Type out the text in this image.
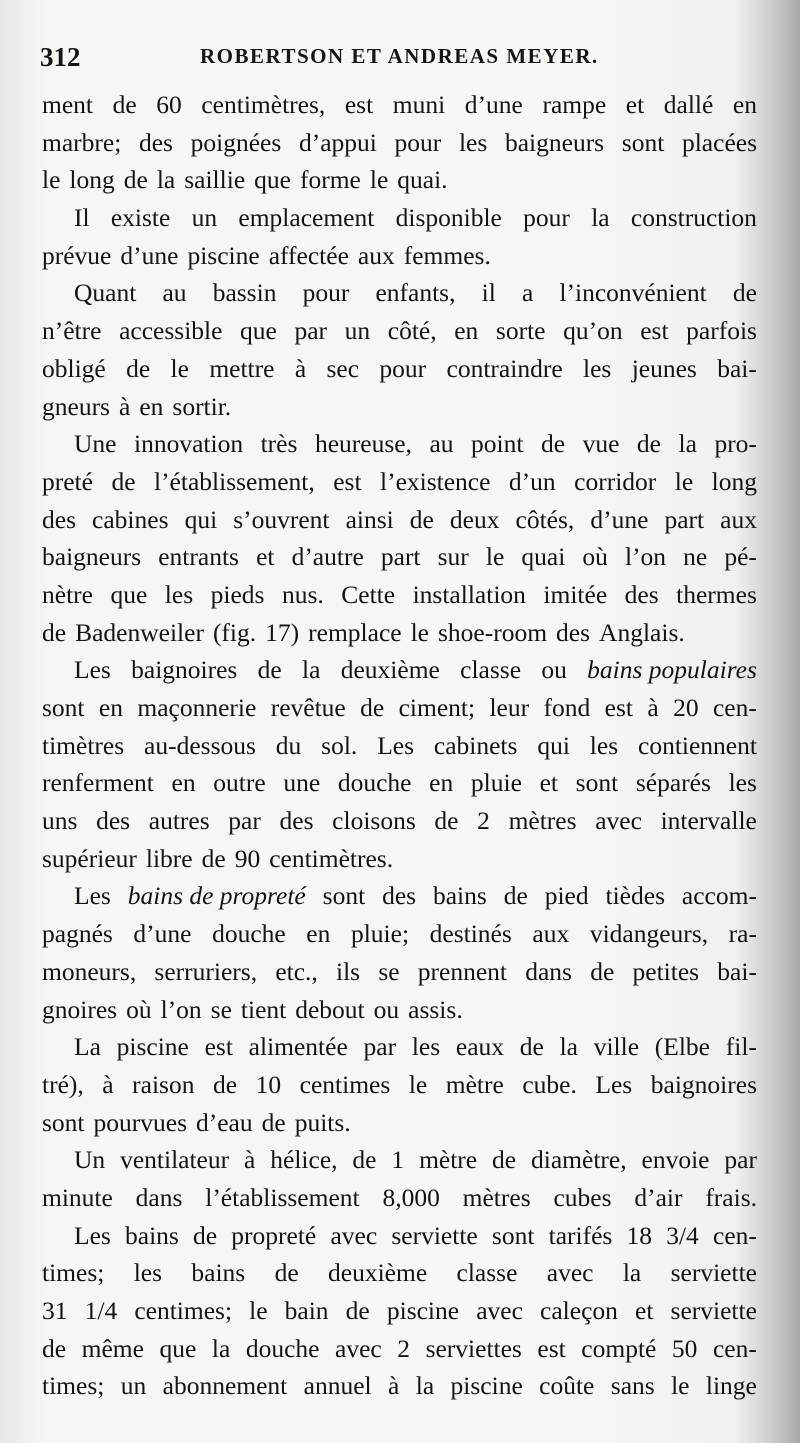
312	ROBERTSON ET ANDREAS MEYER.
ment de 60 centimètres, est muni d’une rampe et dallé en
marbre; des poignées d’appui pour les baigneurs sont placées
le long de la saillie que forme le quai.
Il existe un emplacement disponible pour la construction
prévue d’une piscine affectée aux femmes.
Quant au bassin pour enfants, il a l’inconvénient de
n’être accessible que par un côté, en sorte qu’on est parfois
obligé de le mettre à sec pour contraindre les jeunes bai-
gneurs à en sortir.
Une innovation très heureuse, au point de vue de la pro-
preté de l’établissement, est l’existence d’un corridor le long
des cabines qui s’ouvrent ainsi de deux côtés, d’une part aux
baigneurs entrants et d’autre part sur le quai où l’on ne pé-
nètre que les pieds nus. Cette installation imitée des thermes
de Badenweiler (fig. 17) remplace le shoe-room des Anglais.
Les baignoires de la deuxième classe ou bains populaires
sont en maçonnerie revêtue de ciment; leur fond est à 20 cen-
timètres au-dessous du sol. Les cabinets qui les contiennent
renferment en outre une douche en pluie et sont séparés les
uns des autres par des cloisons de 2 mètres avec intervalle
supérieur libre de 90 centimètres.
Les bains de propreté sont des bains de pied tièdes accom-
pagnés d’une douche en pluie; destinés aux vidangeurs, ra-
moneurs, serruriers, etc., ils se prennent dans de petites bai-
gnoires où l’on se tient debout ou assis.
La piscine est alimentée par les eaux de la ville (Elbe fil-
tré), à raison de 10 centimes le mètre cube. Les baignoires
sont pourvues d’eau de puits.
Un ventilateur à hélice, de 1 mètre de diamètre, envoie par
minute dans l’établissement 8,000 mètres cubes d’air frais.
Les bains de propreté avec serviette sont tarifés 18 3/4 cen-
times; les bains de deuxième classe avec la serviette
31 1/4 centimes; le bain de piscine avec caleçon et serviette
de même que la douche avec 2 serviettes est compté 50 cen-
times; un abonnement annuel à la piscine coûte sans le linge
